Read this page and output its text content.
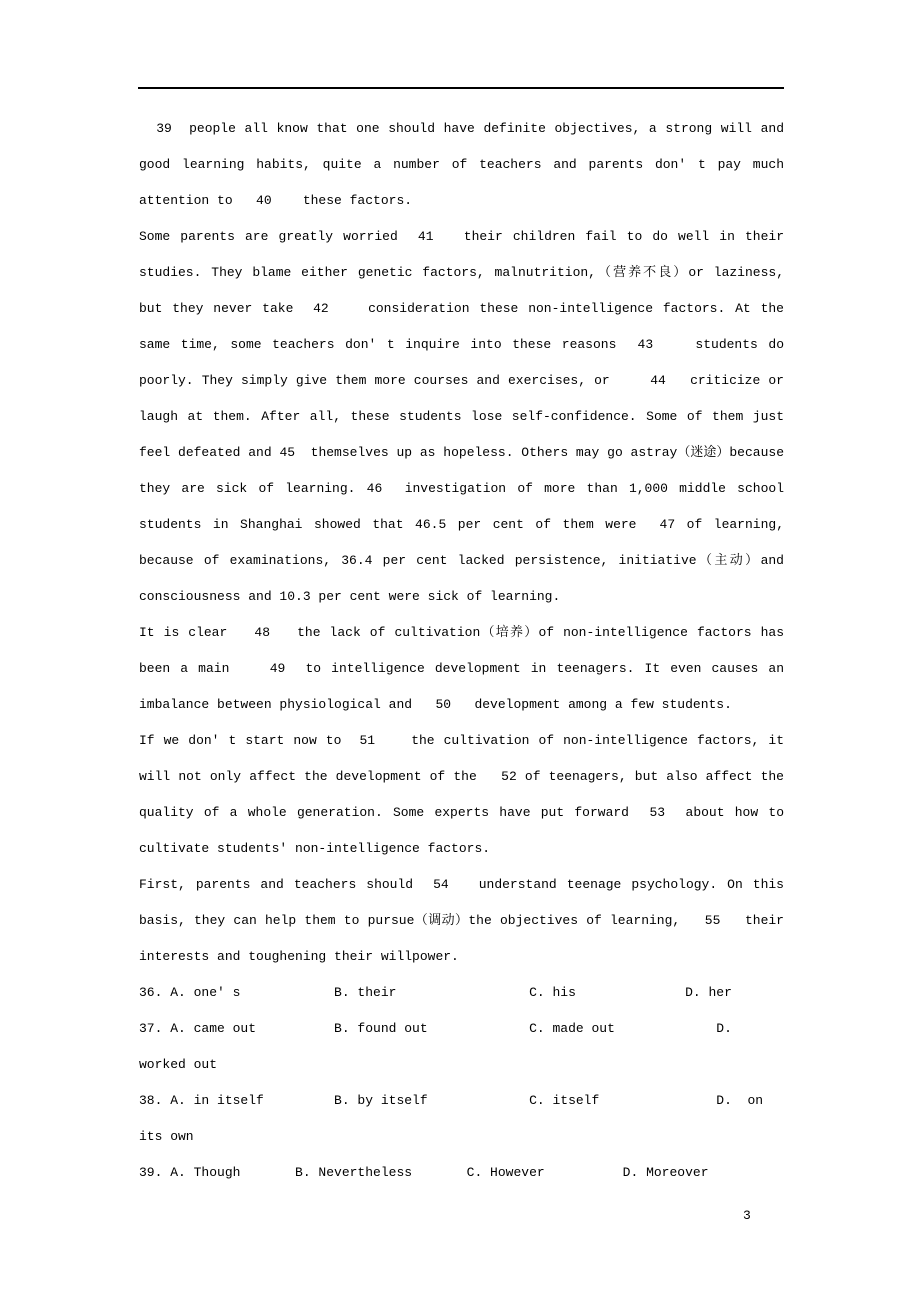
39  people all know that one should have definite objectives, a strong will and good learning habits, quite a number of teachers and parents don' t pay much attention to   40    these factors.

Some parents are greatly worried  41   their children fail to do well in their studies. They blame either genetic factors, malnutrition,（营养不良）or laziness, but they never take  42    consideration these non-intelligence factors. At the same time, some teachers don' t inquire into these reasons  43    students do poorly. They simply give them more courses and exercises, or     44   criticize or laugh at them. After all, these students lose self-confidence. Some of them just feel defeated and 45  themselves up as hopeless. Others may go astray（迷途）because they are sick of learning. 46  investigation of more than 1,000 middle school students in Shanghai showed that 46.5 per cent of them were  47 of learning, because of examinations, 36.4 per cent lacked persistence, initiative（主动）and consciousness and 10.3 per cent were sick of learning.

It is clear   48   the lack of cultivation（培养）of non-intelligence factors has been a main    49  to intelligence development in teenagers. It even causes an imbalance between physiological and   50   development among a few students.

If we don' t start now to  51    the cultivation of non-intelligence factors, it will not only affect the development of the   52 of teenagers, but also affect the quality of a whole generation. Some experts have put forward  53  about how to cultivate students' non-intelligence factors.

First, parents and teachers should  54   understand teenage psychology. On this basis, they can help them to pursue（调动）the objectives of learning,   55   their interests and toughening their willpower.

36. A. one' s            B. their                 C. his              D. her
37. A. came out          B. found out             C. made out             D.
worked out
38. A. in itself         B. by itself             C. itself               D.  on
its own
39. A. Though       B. Nevertheless       C. However          D. Moreover
3
